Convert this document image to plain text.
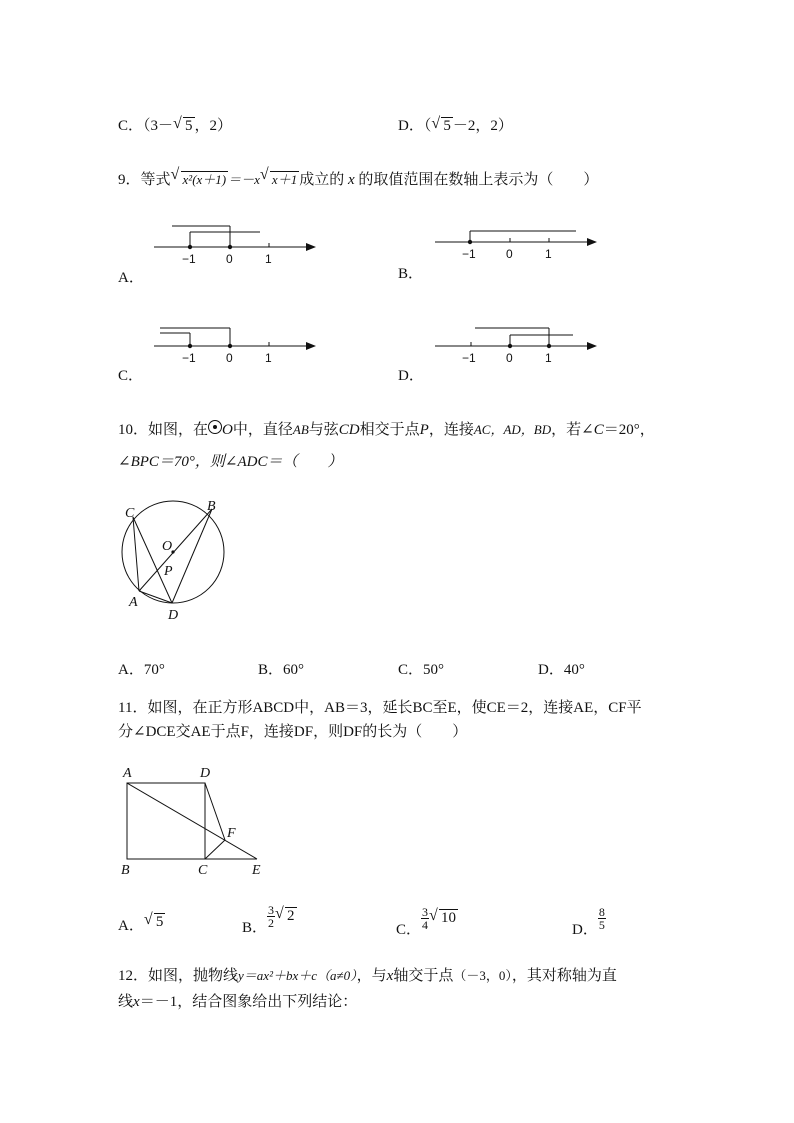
C．（3－ √ 5 ，2）	D．（ √ 5 －2，2）
9．等式 √ x²(x＋1) ＝－x √ x＋1 成立的 x 的取值范围在数轴上表示为（　　）
−1	0	1
A．
−1	0	1
B．
−1	0	1
C．
−1	0	1
D．
10．如图，在 O中，直径AB与弦CD相交于点P，连接AC，AD，BD，若∠C＝20°，
∠BPC＝70°，则∠ADC＝（　　）
C	B
O
P
A
D
A．70°	B．60°	C．50°	D．40°
11．如图，在正方形ABCD中，AB＝3，延长BC至E，使CE＝2，连接AE，CF平
分∠DCE交AE于点F，连接DF，则DF的长为（　　）
A	D
F
B	C	E
A． √ 5	B． $\frac{3}{2}$ √ 2
C． $\frac{3}{4}$ √ 10
D． $\frac{8}{5}$
12．如图，抛物线y＝ax²＋bx＋c（a≠0），与x轴交于点（－3，0），其对称轴为直
线x＝－1，结合图象给出下列结论：
